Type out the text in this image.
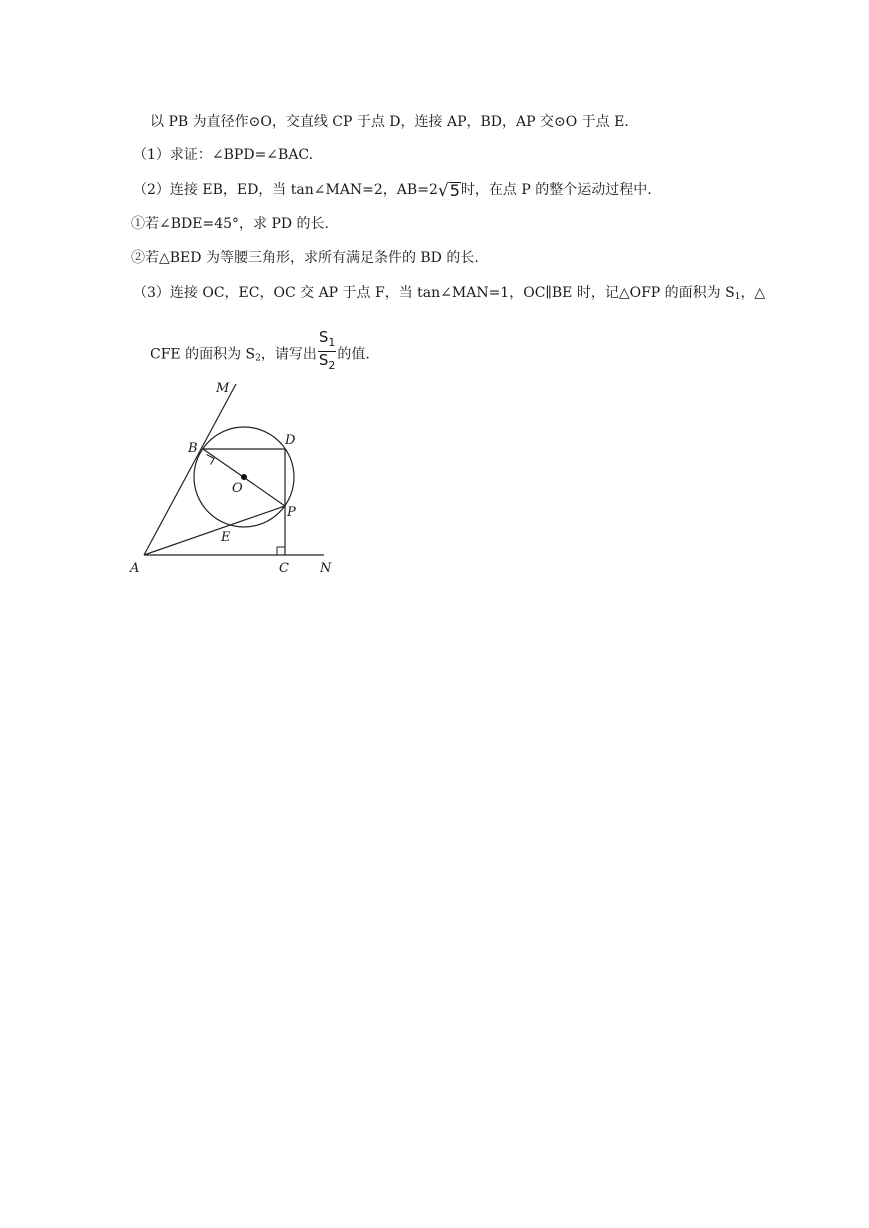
以 PB 为直径作⊙O，交直线 CP 于点 D，连接 AP，BD，AP 交⊙O 于点 E.
（1）求证：∠BPD=∠BAC.
（2）连接 EB，ED，当 tan∠MAN=2，AB=2√5时，在点 P 的整个运动过程中.
①若∠BDE=45°，求 PD 的长.
②若△BED 为等腰三角形，求所有满足条件的 BD 的长.
（3）连接 OC，EC，OC 交 AP 于点 F，当 tan∠MAN=1，OC∥BE 时，记△OFP 的面积为 $S_1$，△
CFE 的面积为 $S_2$，请写出 $\frac{S_1}{S_2}$ 的值.
M
B
D
O
P
E
A	C N
